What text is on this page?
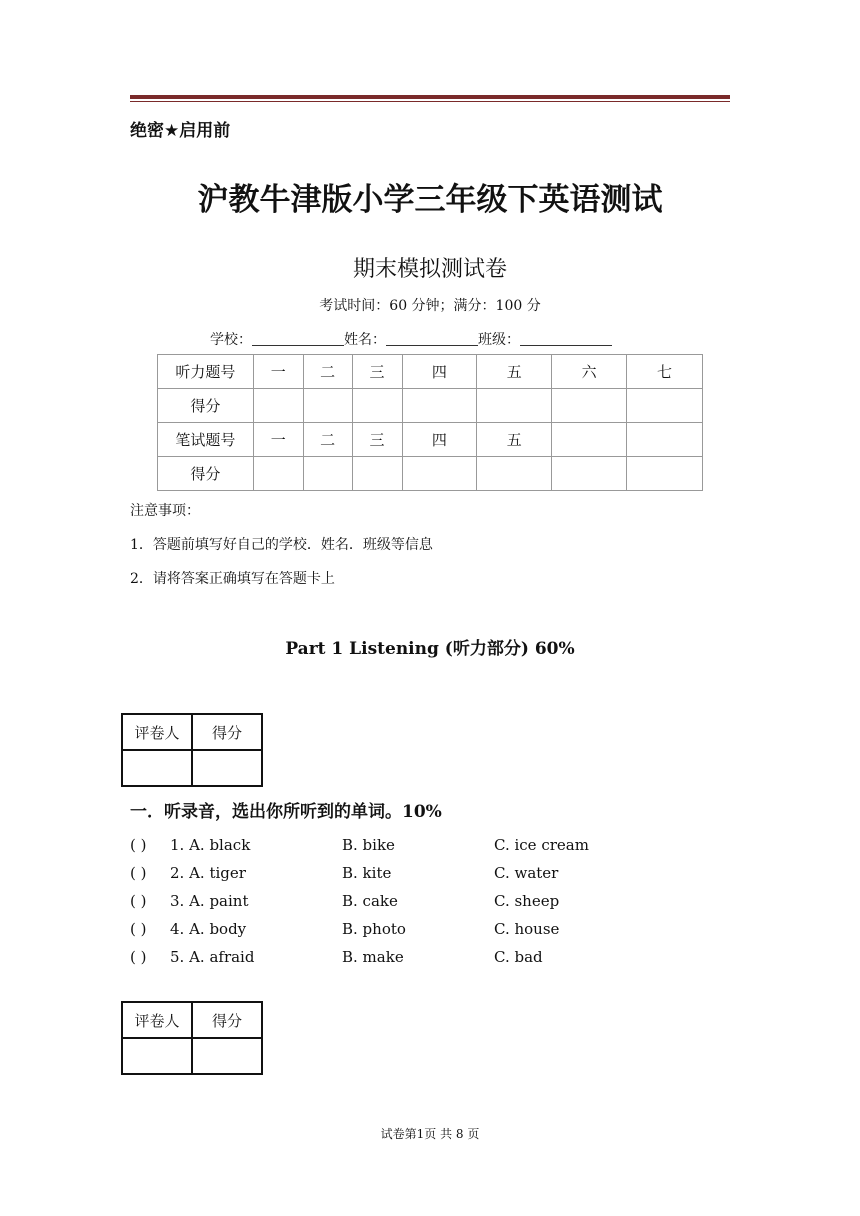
绝密★启用前
沪教牛津版小学三年级下英语测试
期末模拟测试卷
考试时间：60 分钟；满分：100 分
学校：	姓名：	班级：
听力题号	一	二	三	四	五	六	七
得分							
笔试题号	一	二	三	四	五		
得分							
注意事项：
1．答题前填写好自己的学校．姓名．班级等信息
2．请将答案正确填写在答题卡上
Part 1 Listening (听力部分) 60%
评卷人	得分

一．听录音，选出你所听到的单词。10%
( ) 1. A. black	B. bike	C. ice cream
( ) 2. A. tiger	B. kite	C. water
( ) 3. A. paint	B. cake	C. sheep
( ) 4. A. body	B. photo	C. house
( ) 5. A. afraid	B. make	C. bad
评卷人	得分

试卷第1页 共 8 页
